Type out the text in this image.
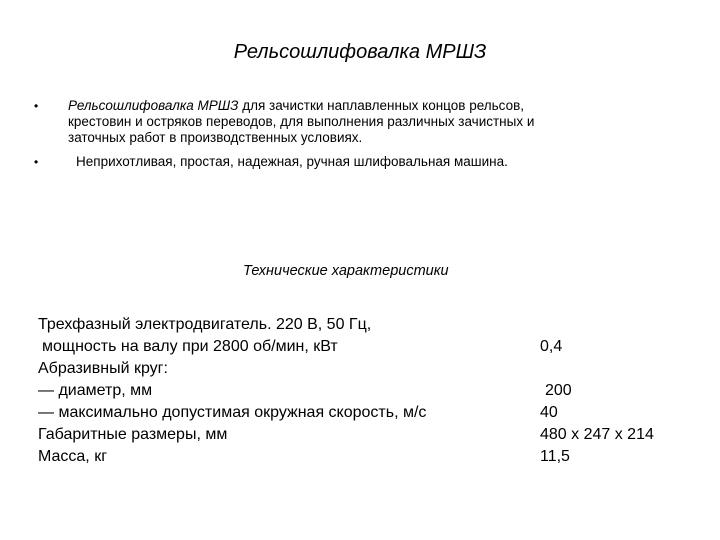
Рельсошлифовалка МРШЗ
• Рельсошлифовалка МРШЗ для зачистки наплавленных концов рельсов,
крестовин и остряков переводов, для выполнения различных зачистных и
заточных работ в производственных условиях.
•	Неприхотливая, простая, надежная, ручная шлифовальная машина.
Технические характеристики
Трехфазный электродвигатель. 220 В, 50 Гц,
мощность на валу при 2800 об/мин, кВт	0,4
Абразивный круг:
— диаметр, мм	200
— максимально допустимая окружная скорость, м/с	40
Габаритные размеры, мм	480 х 247 х 214
Масса, кг	11,5
